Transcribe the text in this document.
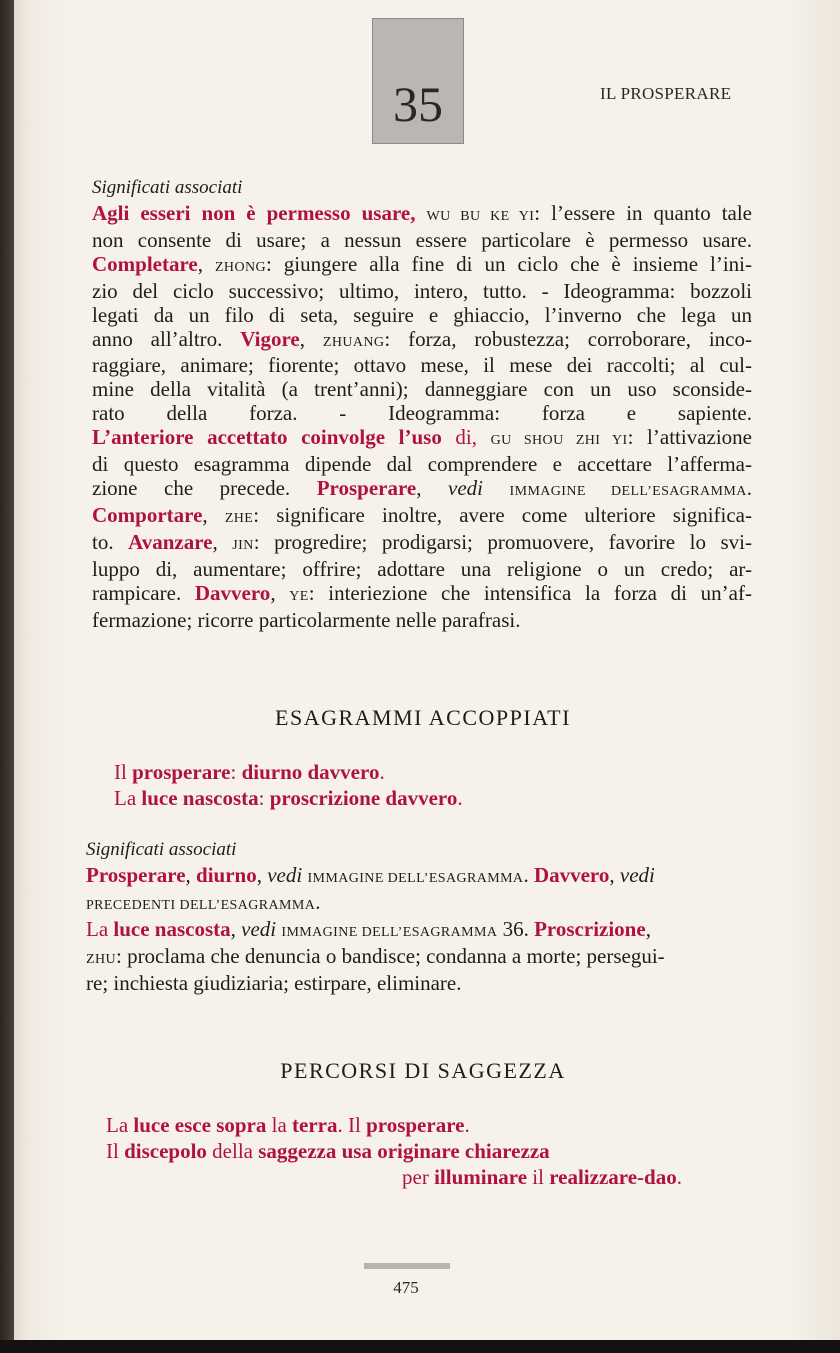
35	IL PROSPERARE
Significati associati
Agli esseri non è permesso usare, WU BU KE YI: l’essere in quanto tale
non consente di usare; a nessun essere particolare è permesso usare.
Completare, ZHONG: giungere alla fine di un ciclo che è insieme l’ini-
zio del ciclo successivo; ultimo, intero, tutto. - Ideogramma: bozzoli
legati da un filo di seta, seguire e ghiaccio, l’inverno che lega un
anno all’altro. Vigore, ZHUANG: forza, robustezza; corroborare, inco-
raggiare, animare; fiorente; ottavo mese, il mese dei raccolti; al cul-
mine della vitalità (a trent’anni); danneggiare con un uso sconside-
rato della forza. - Ideogramma: forza e sapiente.
L’anteriore accettato coinvolge l’uso di, GU SHOU ZHI YI: l’attivazione
di questo esagramma dipende dal comprendere e accettare l’afferma-
zione che precede. Prosperare, vedi IMMAGINE DELL’ESAGRAMMA.
Comportare, ZHE: significare inoltre, avere come ulteriore significa-
to. Avanzare, JIN: progredire; prodigarsi; promuovere, favorire lo svi-
luppo di, aumentare; offrire; adottare una religione o un credo; ar-
rampicare. Davvero, YE: interiezione che intensifica la forza di un’af-
fermazione; ricorre particolarmente nelle parafrasi.
ESAGRAMMI ACCOPPIATI
Il prosperare: diurno davvero.
La luce nascosta: proscrizione davvero.
Significati associati
Prosperare, diurno, vedi IMMAGINE DELL’ESAGRAMMA. Davvero, vedi
PRECEDENTI DELL’ESAGRAMMA.
La luce nascosta, vedi IMMAGINE DELL’ESAGRAMMA 36. Proscrizione,
ZHU: proclama che denuncia o bandisce; condanna a morte; persegui-
re; inchiesta giudiziaria; estirpare, eliminare.
PERCORSI DI SAGGEZZA
La luce esce sopra la terra. Il prosperare.
Il discepolo della saggezza usa originare chiarezza
per illuminare il realizzare-dao.
475
